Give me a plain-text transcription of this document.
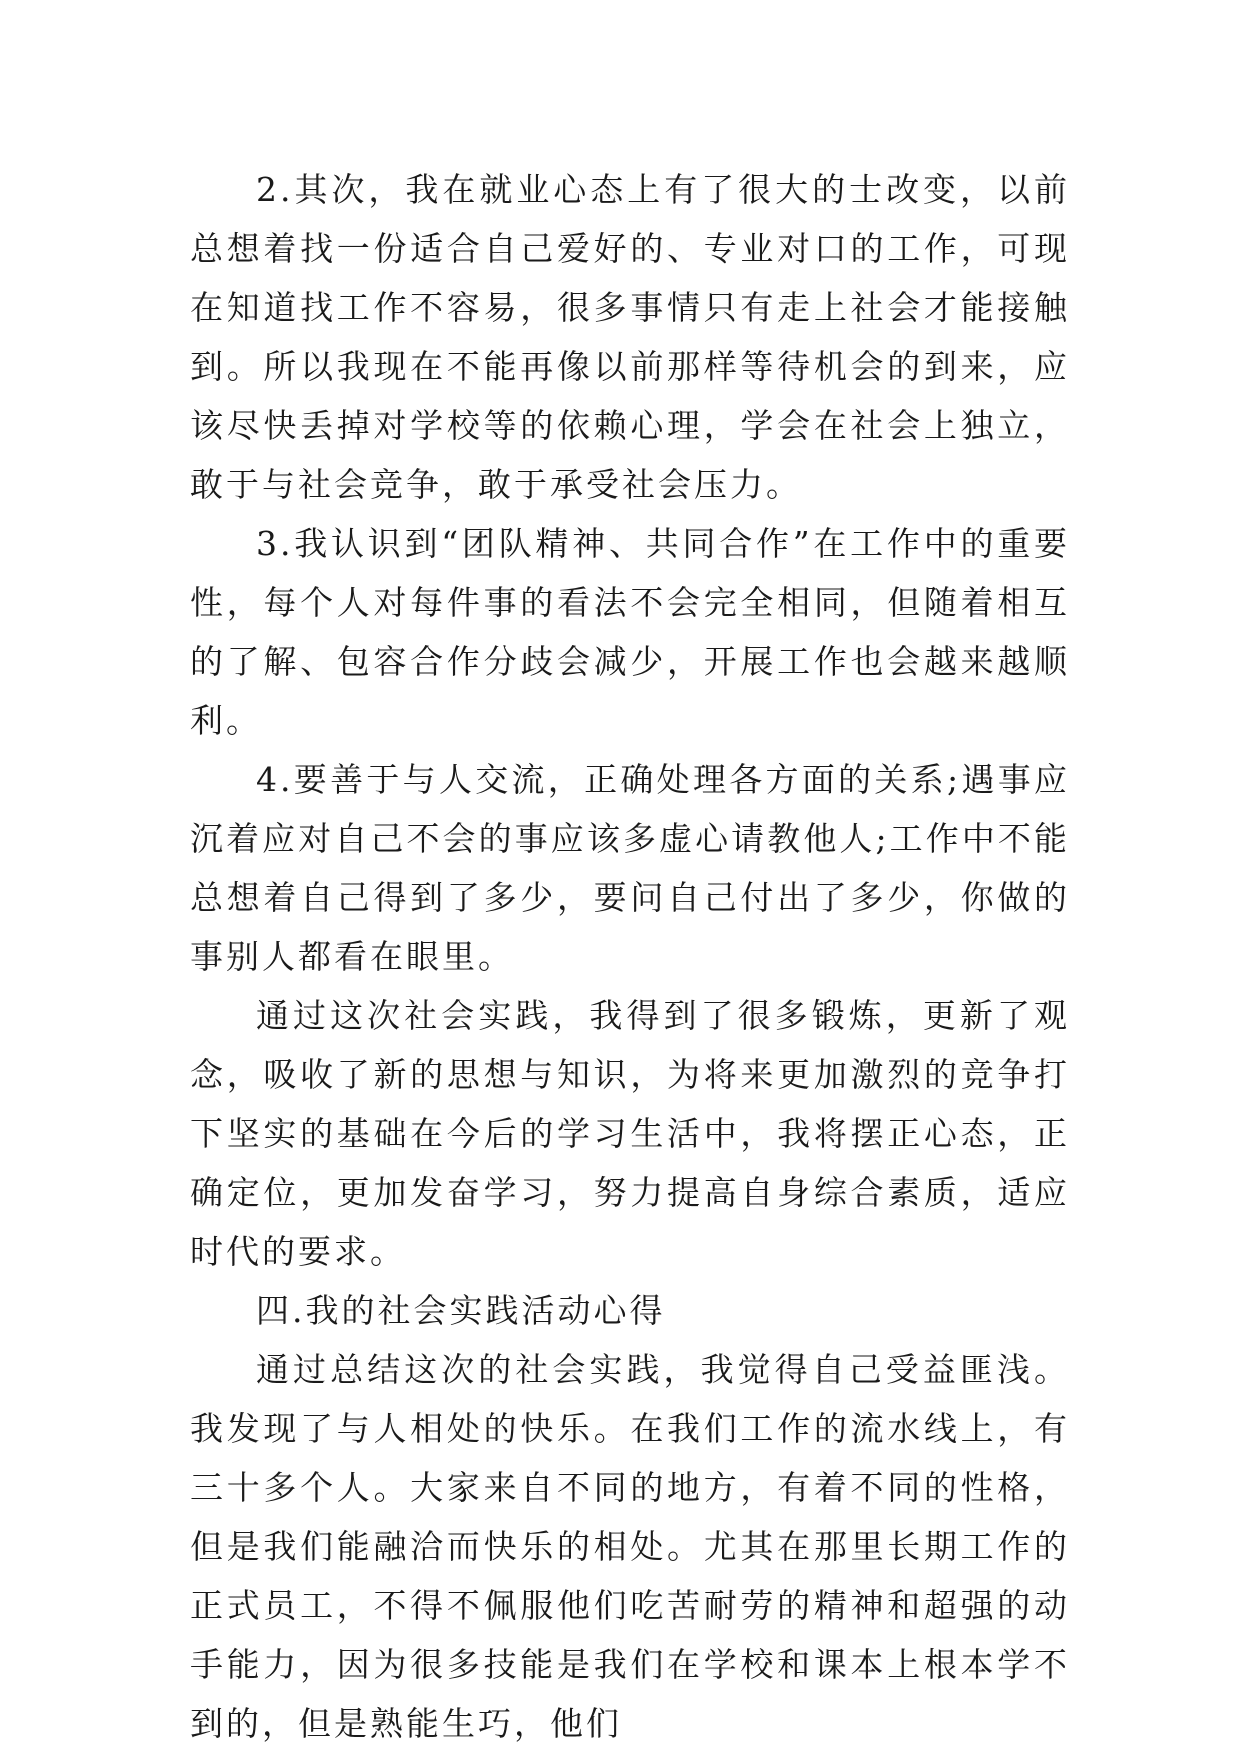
2.其次，我在就业心态上有了很大的士改变，以前总想着找一份适合自己爱好的、专业对口的工作，可现在知道找工作不容易，很多事情只有走上社会才能接触到。所以我现在不能再像以前那样等待机会的到来，应该尽快丢掉对学校等的依赖心理，学会在社会上独立，敢于与社会竞争，敢于承受社会压力。

3.我认识到“团队精神、共同合作”在工作中的重要性，每个人对每件事的看法不会完全相同，但随着相互的了解、包容合作分歧会减少，开展工作也会越来越顺利。

4.要善于与人交流，正确处理各方面的关系;遇事应沉着应对自己不会的事应该多虚心请教他人;工作中不能总想着自己得到了多少，要问自己付出了多少，你做的事别人都看在眼里。

通过这次社会实践，我得到了很多锻炼，更新了观念，吸收了新的思想与知识，为将来更加激烈的竞争打下坚实的基础在今后的学习生活中，我将摆正心态，正确定位，更加发奋学习，努力提高自身综合素质，适应时代的要求。

四.我的社会实践活动心得

通过总结这次的社会实践，我觉得自己受益匪浅。我发现了与人相处的快乐。在我们工作的流水线上，有三十多个人。大家来自不同的地方，有着不同的性格，但是我们能融洽而快乐的相处。尤其在那里长期工作的正式员工，不得不佩服他们吃苦耐劳的精神和超强的动手能力，因为很多技能是我们在学校和课本上根本学不到的，但是熟能生巧，他们
